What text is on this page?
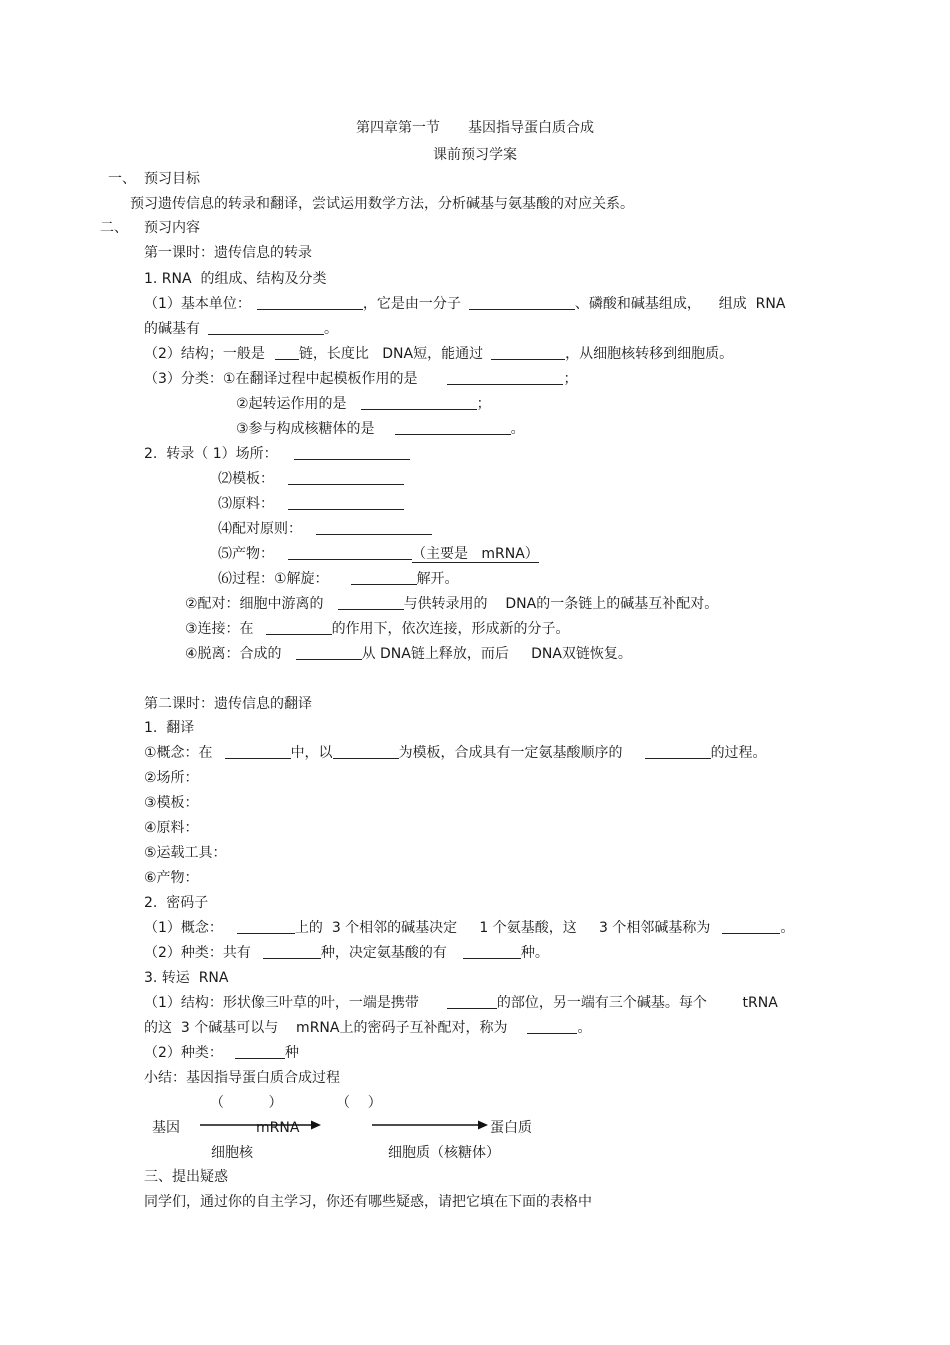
第四章第一节　　基因指导蛋白质合成
课前预习学案
一、 预习目标
预习遗传信息的转录和翻译，尝试运用数学方法，分析碱基与氨基酸的对应关系。
二、 预习内容
第一课时：遗传信息的转录
1. RNA  的组成、结构及分类
（1）基本单位：	，它是由一分子	、磷酸和碱基组成，    组成  RNA
的碱基有	。
（2）结构；一般是 链，长度比   DNA短，能通过	，从细胞核转移到细胞质。
（3）分类：①在翻译过程中起模板作用的是	；
②起转运作用的是	；
③参与构成核糖体的是	。
2.  转录（ 1）场所：
⑵模板：
⑶原料：
⑷配对原则：
⑸产物：	（主要是   mRNA）
⑹过程：①解旋：	解开。
②配对：细胞中游离的	与供转录用的    DNA的一条链上的碱基互补配对。
③连接：在	的作用下，依次连接，形成新的分子。
④脱离：合成的	从 DNA链上释放，而后     DNA双链恢复。
第二课时：遗传信息的翻译
1.  翻译
①概念：在	中，以	为模板，合成具有一定氨基酸顺序的	的过程。
②场所：
③模板：
④原料：
⑤运载工具：
⑥产物：
2.  密码子
（1）概念：	上的  3 个相邻的碱基决定     1 个氨基酸，这     3 个相邻碱基称为	。
（2）种类：共有	种，决定氨基酸的有	种。
3. 转运  RNA
（1）结构：形状像三叶草的叶，一端是携带	的部位，另一端有三个碱基。每个        tRNA
的这  3 个碱基可以与    mRNA上的密码子互补配对，称为	。
（2）种类：	种
小结：基因指导蛋白质合成过程
（          ）	（    ）
基因	mRNA	蛋白质
细胞核	细胞质（核糖体）
三、提出疑惑
同学们，通过你的自主学习，你还有哪些疑惑，请把它填在下面的表格中
